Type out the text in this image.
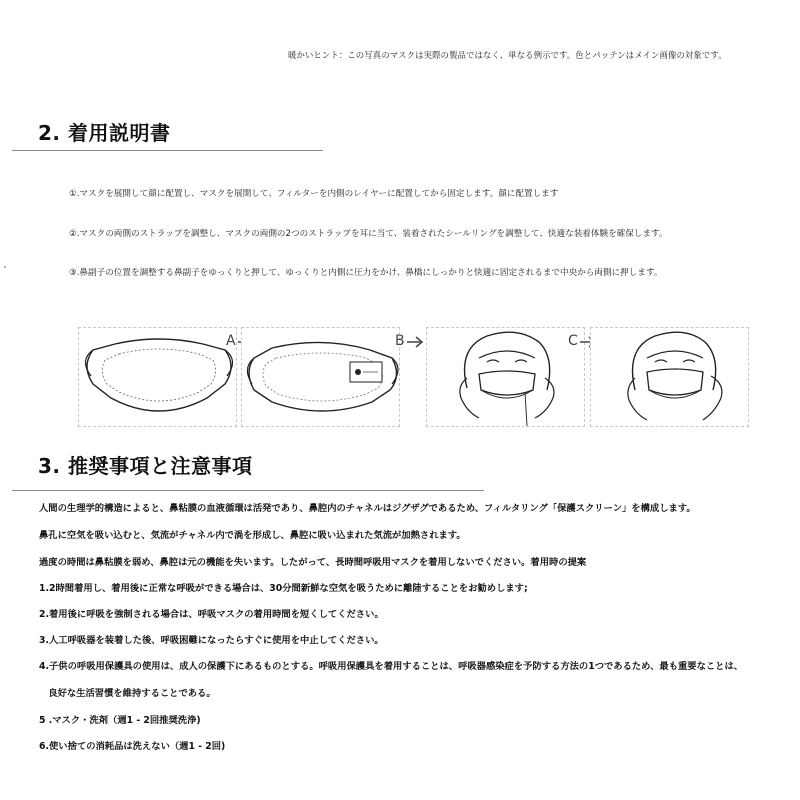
暖かいヒント：この写真のマスクは実際の製品ではなく、単なる例示です。色とパッテンはメイン画像の対象です。
2. 着用説明書
①.マスクを展開して顔に配置し、マスクを展開して、フィルターを内側のレイヤーに配置してから固定します。顔に配置します
②.マスクの両側のストラップを調整し、マスクの両側の2つのストラップを耳に当て、装着されたシールリングを調整して、快適な装着体験を確保します。
③.鼻副子の位置を調整する鼻副子をゆっくりと押して、ゆっくりと内側に圧力をかけ、鼻橋にしっかりと快適に固定されるまで中央から両側に押します。
A	B	C
3. 推奨事項と注意事項
人間の生理学的構造によると、鼻粘膜の血液循環は活発であり、鼻腔内のチャネルはジグザグであるため、フィルタリング「保護スクリーン」を構成します。
鼻孔に空気を吸い込むと、気流がチャネル内で渦を形成し、鼻腔に吸い込まれた気流が加熱されます。
過度の時間は鼻粘膜を弱め、鼻腔は元の機能を失います。したがって、長時間呼吸用マスクを着用しないでください。着用時の提案
1.2時間着用し、着用後に正常な呼吸ができる場合は、30分間新鮮な空気を吸うために離陸することをお勧めします;
2.着用後に呼吸を強制される場合は、呼吸マスクの着用時間を短くしてください。
3.人工呼吸器を装着した後、呼吸困難になったらすぐに使用を中止してください。
4.子供の呼吸用保護具の使用は、成人の保護下にあるものとする。呼吸用保護具を着用することは、呼吸器感染症を予防する方法の1つであるため、最も重要なことは、
　良好な生活習慣を維持することである。
5 .マスク・洗剤（週1 - 2回推奨洗浄)
6.使い捨ての消耗品は洗えない（週1 - 2回)
